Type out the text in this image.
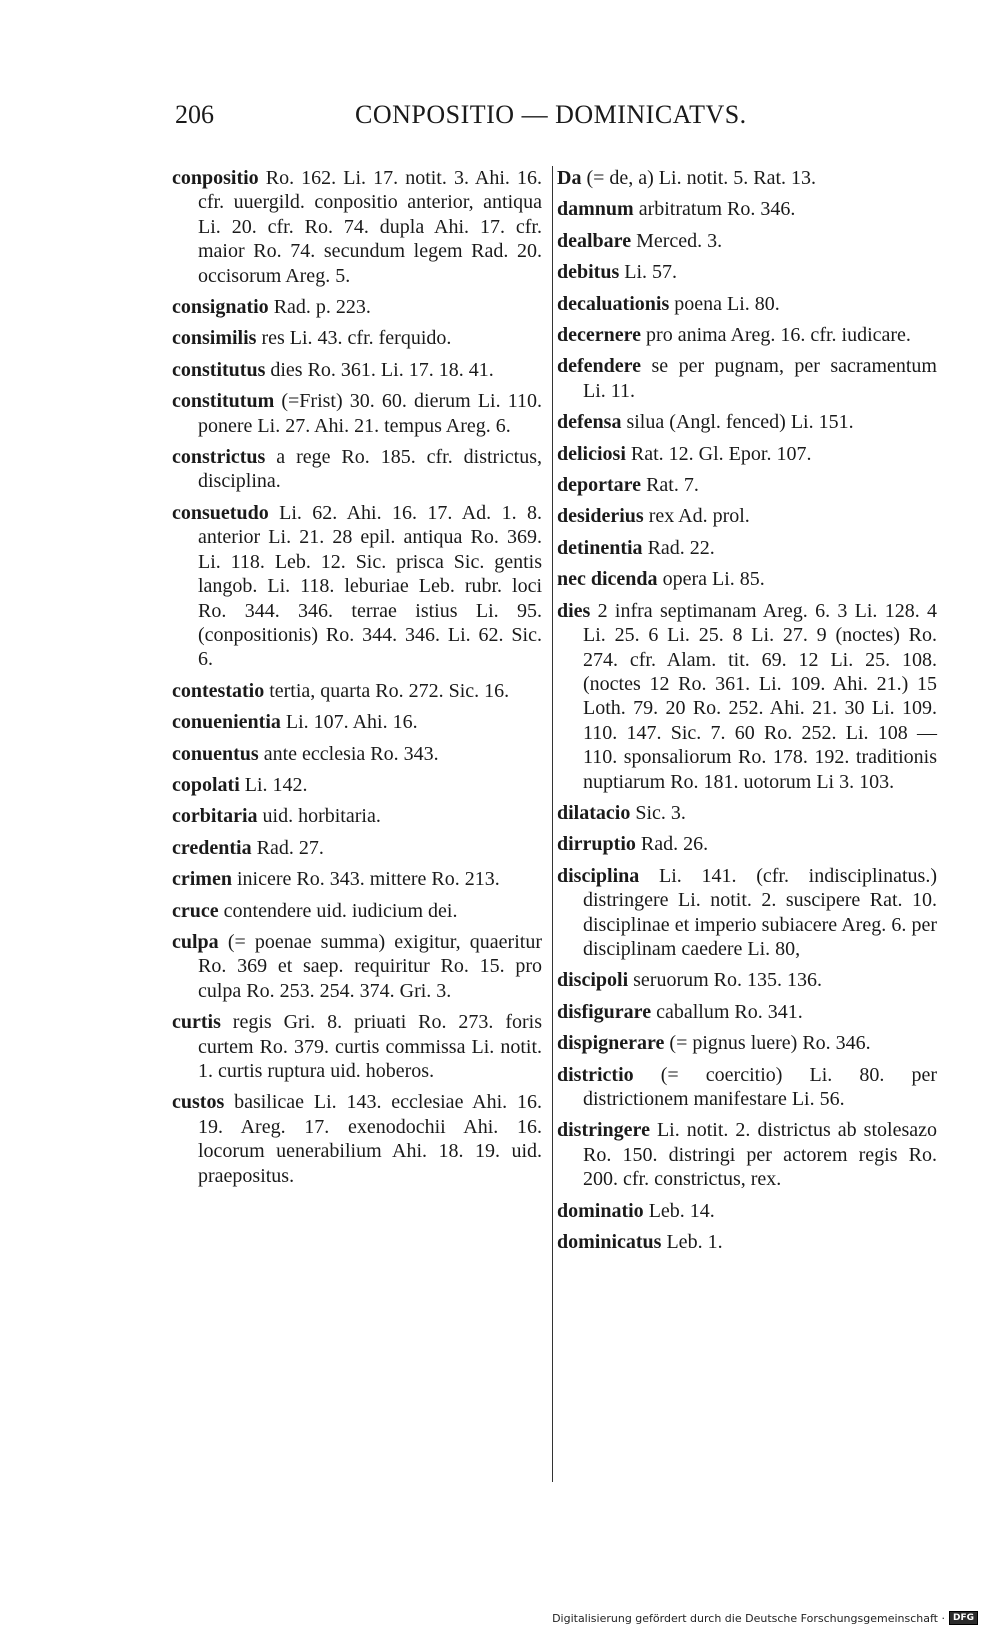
206	CONPOSITIO — DOMINICATVS.

conpositio Ro. 162. Li. 17. notit. 3. Ahi. 16. cfr. uuergild. conpositio anterior, antiqua Li. 20. cfr. Ro. 74. dupla Ahi. 17. cfr. maior Ro. 74. secundum legem Rad. 20. occisorum Areg. 5.

consignatio Rad. p. 223.

consimilis res Li. 43. cfr. ferquido.

constitutus dies Ro. 361. Li. 17. 18. 41.

constitutum (=Frist) 30. 60. dierum Li. 110. ponere Li. 27. Ahi. 21. tempus Areg. 6.

constrictus a rege Ro. 185. cfr. districtus, disciplina.

consuetudo Li. 62. Ahi. 16. 17. Ad. 1. 8. anterior Li. 21. 28 epil. antiqua Ro. 369. Li. 118. Leb. 12. Sic. prisca Sic. gentis langob. Li. 118. leburiae Leb. rubr. loci Ro. 344. 346. terrae istius Li. 95. (conpositionis) Ro. 344. 346. Li. 62. Sic. 6.

contestatio tertia, quarta Ro. 272. Sic. 16.

conuenientia Li. 107. Ahi. 16.

conuentus ante ecclesia Ro. 343.

copolati Li. 142.

corbitaria uid. horbitaria.

credentia Rad. 27.

crimen inicere Ro. 343. mittere Ro. 213.

cruce contendere uid. iudicium dei.

culpa (= poenae summa) exigitur, quaeritur Ro. 369 et saep. requiritur Ro. 15. pro culpa Ro. 253. 254. 374. Gri. 3.

curtis regis Gri. 8. priuati Ro. 273. foris curtem Ro. 379. curtis commissa Li. notit. 1. curtis ruptura uid. hoberos.

custos basilicae Li. 143. ecclesiae Ahi. 16. 19. Areg. 17. exenodochii Ahi. 16. locorum uenerabilium Ahi. 18. 19. uid. praepositus.

Da (= de, a) Li. notit. 5. Rat. 13.

damnum arbitratum Ro. 346.

dealbare Merced. 3.

debitus Li. 57.

decaluationis poena Li. 80.

decernere pro anima Areg. 16. cfr. iudicare.

defendere se per pugnam, per sacramentum Li. 11.

defensa silua (Angl. fenced) Li. 151.

deliciosi Rat. 12. Gl. Epor. 107.

deportare Rat. 7.

desiderius rex Ad. prol.

detinentia Rad. 22.

nec dicenda opera Li. 85.

dies 2 infra septimanam Areg. 6. 3 Li. 128. 4 Li. 25. 6 Li. 25. 8 Li. 27. 9 (noctes) Ro. 274. cfr. Alam. tit. 69. 12 Li. 25. 108. (noctes 12 Ro. 361. Li. 109. Ahi. 21.) 15 Loth. 79. 20 Ro. 252. Ahi. 21. 30 Li. 109. 110. 147. Sic. 7. 60 Ro. 252. Li. 108 — 110. sponsaliorum Ro. 178. 192. traditionis nuptiarum Ro. 181. uotorum Li 3. 103.

dilatacio Sic. 3.

dirruptio Rad. 26.

disciplina Li. 141. (cfr. indisciplinatus.) distringere Li. notit. 2. suscipere Rat. 10. disciplinae et imperio subiacere Areg. 6. per disciplinam caedere Li. 80,

discipoli seruorum Ro. 135. 136.

disfigurare caballum Ro. 341.

dispignerare (= pignus luere) Ro. 346.

districtio (= coercitio) Li. 80. per districtionem manifestare Li. 56.

distringere Li. notit. 2. districtus ab stolesazo Ro. 150. distringi per actorem regis Ro. 200. cfr. constrictus, rex.

dominatio Leb. 14.

dominicatus Leb. 1.

Digitalisierung gefördert durch die Deutsche Forschungsgemeinschaft · DFG
